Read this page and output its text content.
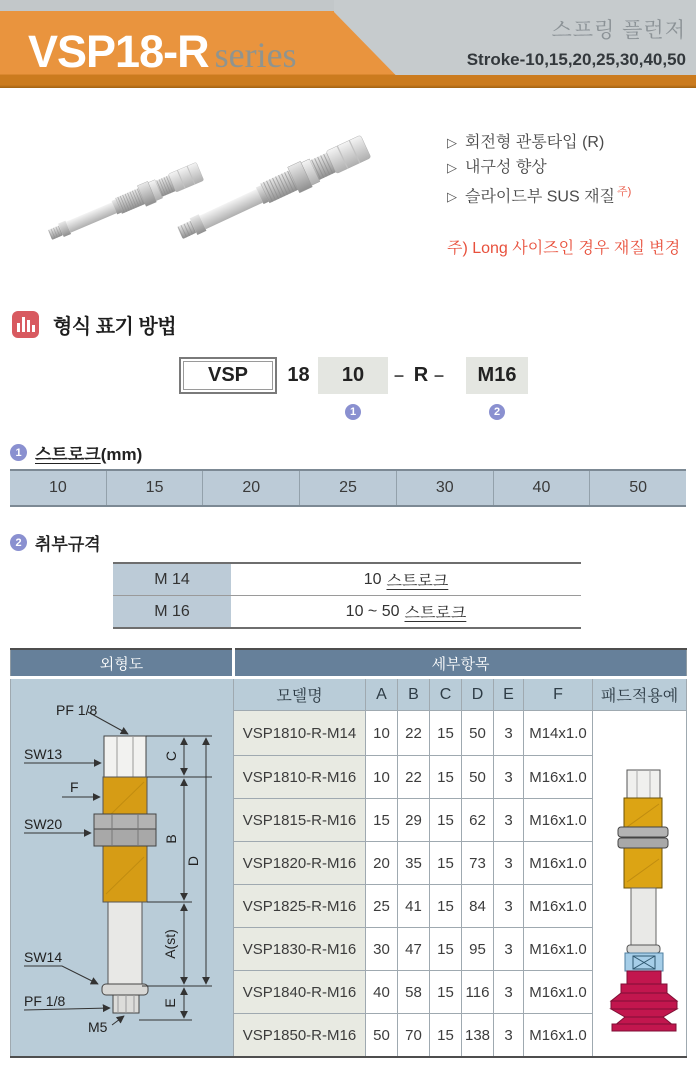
VSP18-R series
스프링 플런저
Stroke-10,15,20,25,30,40,50
▷ 회전형 관통타입 (R)
▷ 내구성 향상
▷ 슬라이드부 SUS 재질 $^{주)}$
주) Long 사이즈인 경우 재질 변경
형식 표기 방법
VSP	18	10	– R –	M16
1	2
1 스트로크(mm)
10	15	20	25	30	40	50
2 취부규격
M 14	10 스트로크
M 16	10 ~ 50 스트로크
외형도	세부항목							

PF 1/8
SW13
F
SW20
SW14
PF 1/8
M5
C
B
A(st)
E
D
	모델명	A	B	C	D	E	F	패드적용예
	VSP1810-R-M14	10	22	15	50	3	M14x1.0	
	VSP1810-R-M16	10	22	15	50	3	M16x1.0	
	VSP1815-R-M16	15	29	15	62	3	M16x1.0	
	VSP1820-R-M16	20	35	15	73	3	M16x1.0	
	VSP1825-R-M16	25	41	15	84	3	M16x1.0	
	VSP1830-R-M16	30	47	15	95	3	M16x1.0	
	VSP1840-R-M16	40	58	15	116	3	M16x1.0	
	VSP1850-R-M16	50	70	15	138	3	M16x1.0	
